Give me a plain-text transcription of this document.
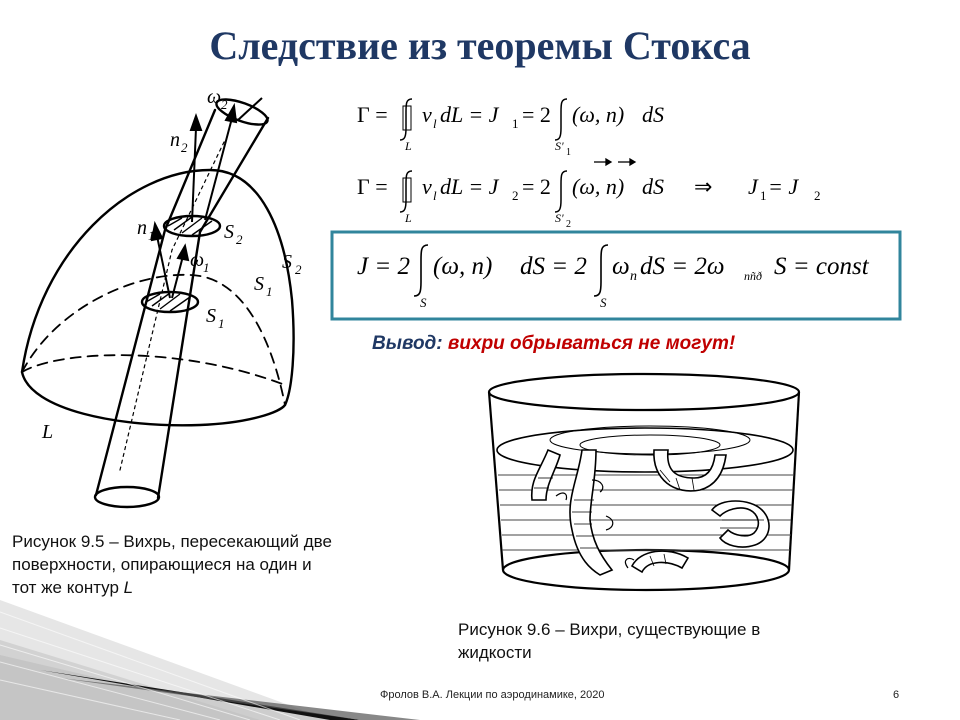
Следствие из теоремы Стокса
n 2
ω 2
n 1
ω
1
S 2
S 1
S 1
S 2
L
Γ =
L
v l dL = J 1 = 2
S' 1
(ω, n) dS
Γ =
L
v l dL = J 2 = 2
S' 2
(ω, n) dS ⇒ J 1 = J 2
J = 2
S
(ω, n) dS = 2
S
ω n dS = 2ω nñð S = const
Вывод: вихри обрываться не могут!
Рисунок 9.5 – Вихрь, пересекающий две
поверхности, опирающиеся на один и
тот же контур L
Рисунок 9.6 – Вихри, существующие в
жидкости
Фролов В.А. Лекции по аэродинамике, 2020	6
